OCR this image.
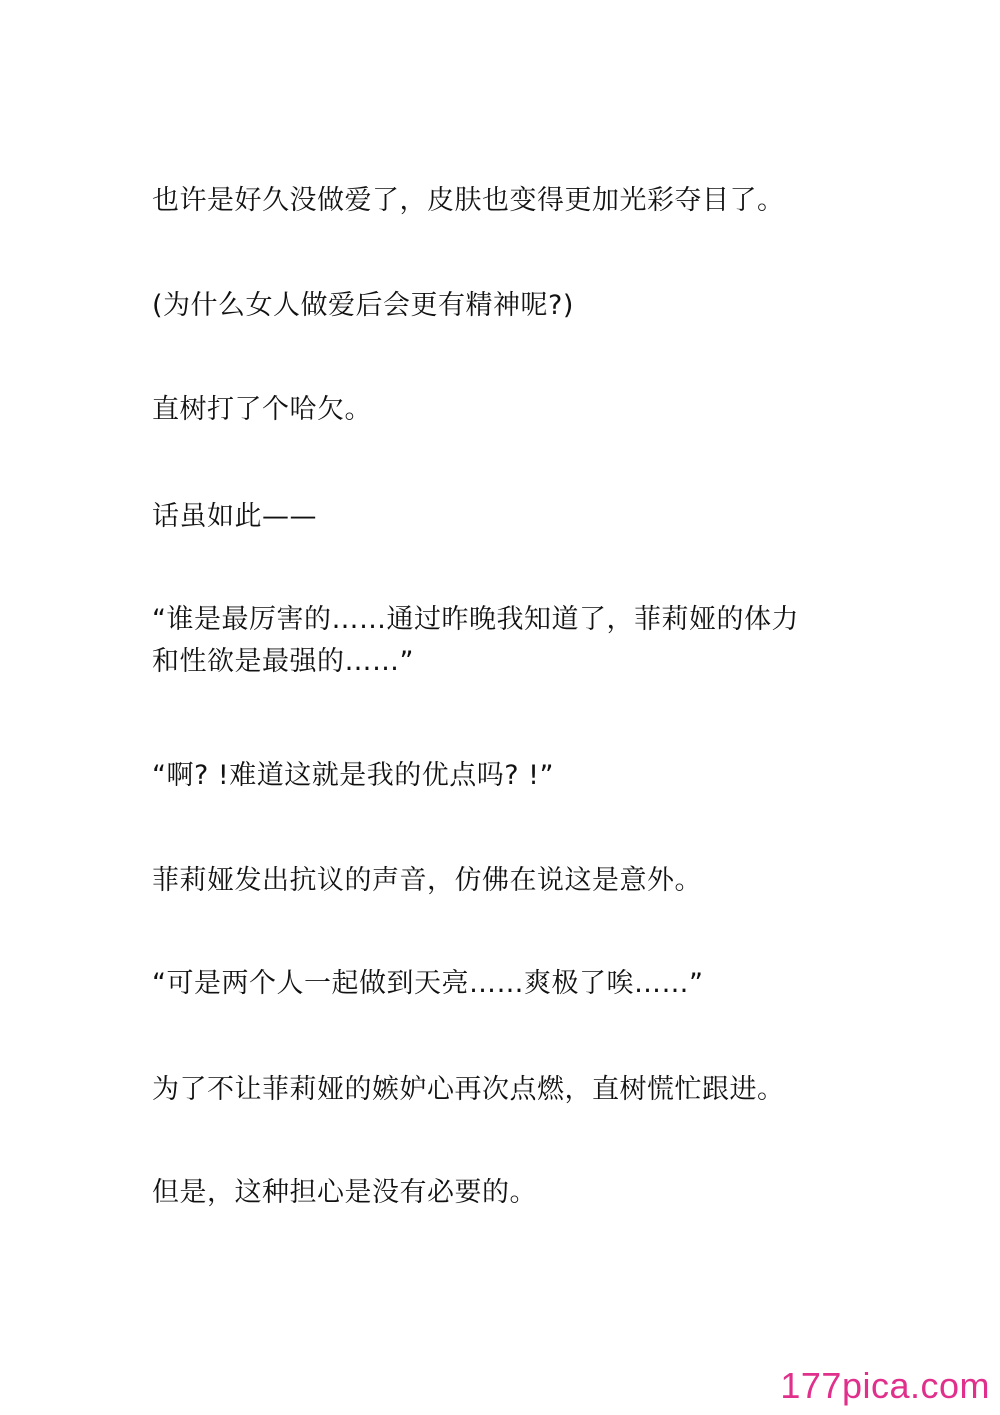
也许是好久没做爱了，皮肤也变得更加光彩夺目了。

(为什么女人做爱后会更有精神呢?)

直树打了个哈欠。

话虽如此——

“谁是最厉害的……通过昨晚我知道了，菲莉娅的体力
和性欲是最强的……”

“啊? !难道这就是我的优点吗? !”

菲莉娅发出抗议的声音，仿佛在说这是意外。

“可是两个人一起做到天亮……爽极了唉……”

为了不让菲莉娅的嫉妒心再次点燃，直树慌忙跟进。

但是，这种担心是没有必要的。

177pica.com
